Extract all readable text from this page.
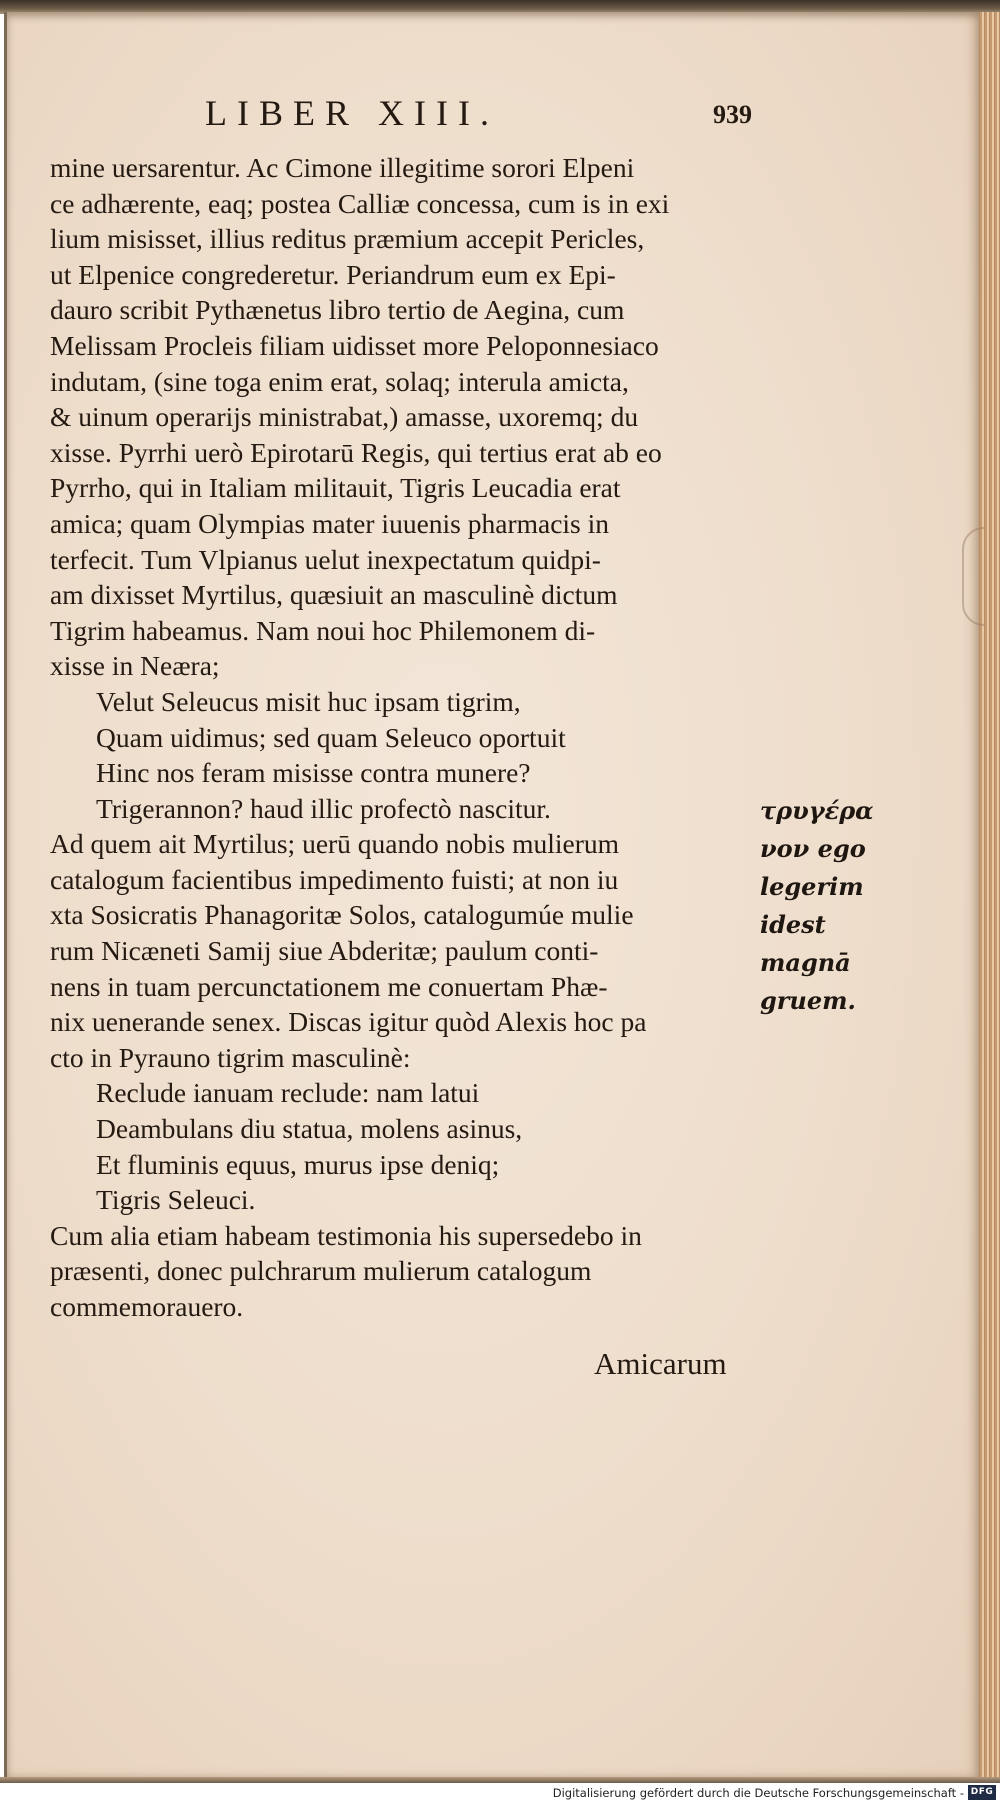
LIBER XIII.	939
mine uersarentur. Ac Cimone illegitime sorori Elpeni
ce adhærente, eaq; postea Calliæ concessa, cum is in exi
lium misisset, illius reditus præmium accepit Pericles,
ut Elpenice congrederetur. Periandrum eum ex Epi-
dauro scribit Pythænetus libro tertio de Aegina, cum
Melissam Procleis filiam uidisset more Peloponnesiaco
indutam, (sine toga enim erat, solaq; interula amicta,
& uinum operarijs ministrabat,) amasse, uxoremq; du
xisse. Pyrrhi uerò Epirotarū Regis, qui tertius erat ab eo
Pyrrho, qui in Italiam militauit, Tigris Leucadia erat
amica; quam Olympias mater iuuenis pharmacis in
terfecit. Tum Vlpianus uelut inexpectatum quidpi-
am dixisset Myrtilus, quæsiuit an masculinè dictum
Tigrim habeamus. Nam noui hoc Philemonem di-
xisse in Neæra;
Velut Seleucus misit huc ipsam tigrim,
Quam uidimus; sed quam Seleuco oportuit
Hinc nos feram misisse contra munere?
Trigerannon? haud illic profectò nascitur.
Ad quem ait Myrtilus; uerū quando nobis mulierum
catalogum facientibus impedimento fuisti; at non iu
xta Sosicratis Phanagoritæ Solos, catalogumúe mulie
rum Nicæneti Samij siue Abderitæ; paulum conti-
nens in tuam percunctationem me conuertam Phæ-
nix uenerande senex. Discas igitur quòd Alexis hoc pa
cto in Pyrauno tigrim masculinè:
Recludе ianuam reclude: nam latui
Deambulans diu statua, molens asinus,
Et fluminis equus, murus ipse deniq;
Tigris Seleuci.
Cum alia etiam habeam testimonia his supersedebo in
præsenti, donec pulchrarum mulierum catalogum
commemorauero.
τρυγέρα
νον ego
legerim
idest
magnā
gruem.
Amicarum
Digitalisierung gefördert durch die Deutsche Forschungsgemeinschaft - DFG
